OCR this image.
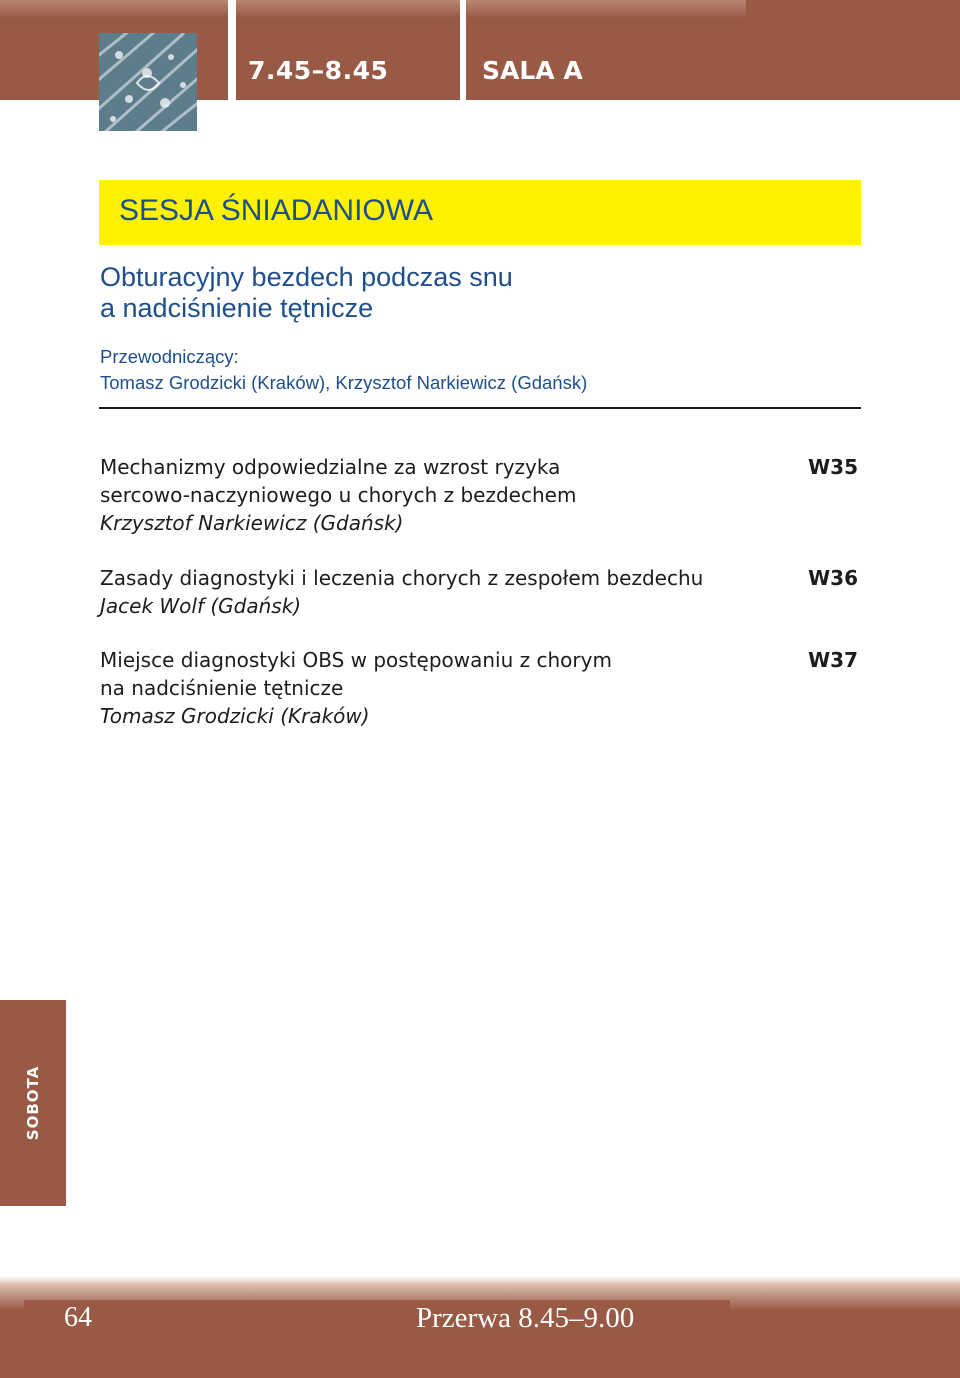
7.45–8.45	SALA A
SESJA ŚNIADANIOWA
Obturacyjny bezdech podczas snu
a nadciśnienie tętnicze
Przewodniczący:
Tomasz Grodzicki (Kraków), Krzysztof Narkiewicz (Gdańsk)
Mechanizmy odpowiedzialne za wzrost ryzyka
sercowo-naczyniowego u chorych z bezdechem
Krzysztof Narkiewicz (Gdańsk)
W35
Zasady diagnostyki i leczenia chorych z zespołem bezdechu
Jacek Wolf (Gdańsk)
W36
Miejsce diagnostyki OBS w postępowaniu z chorym
na nadciśnienie tętnicze
Tomasz Grodzicki (Kraków)
W37
SOBOTA
64	Przerwa 8.45–9.00
